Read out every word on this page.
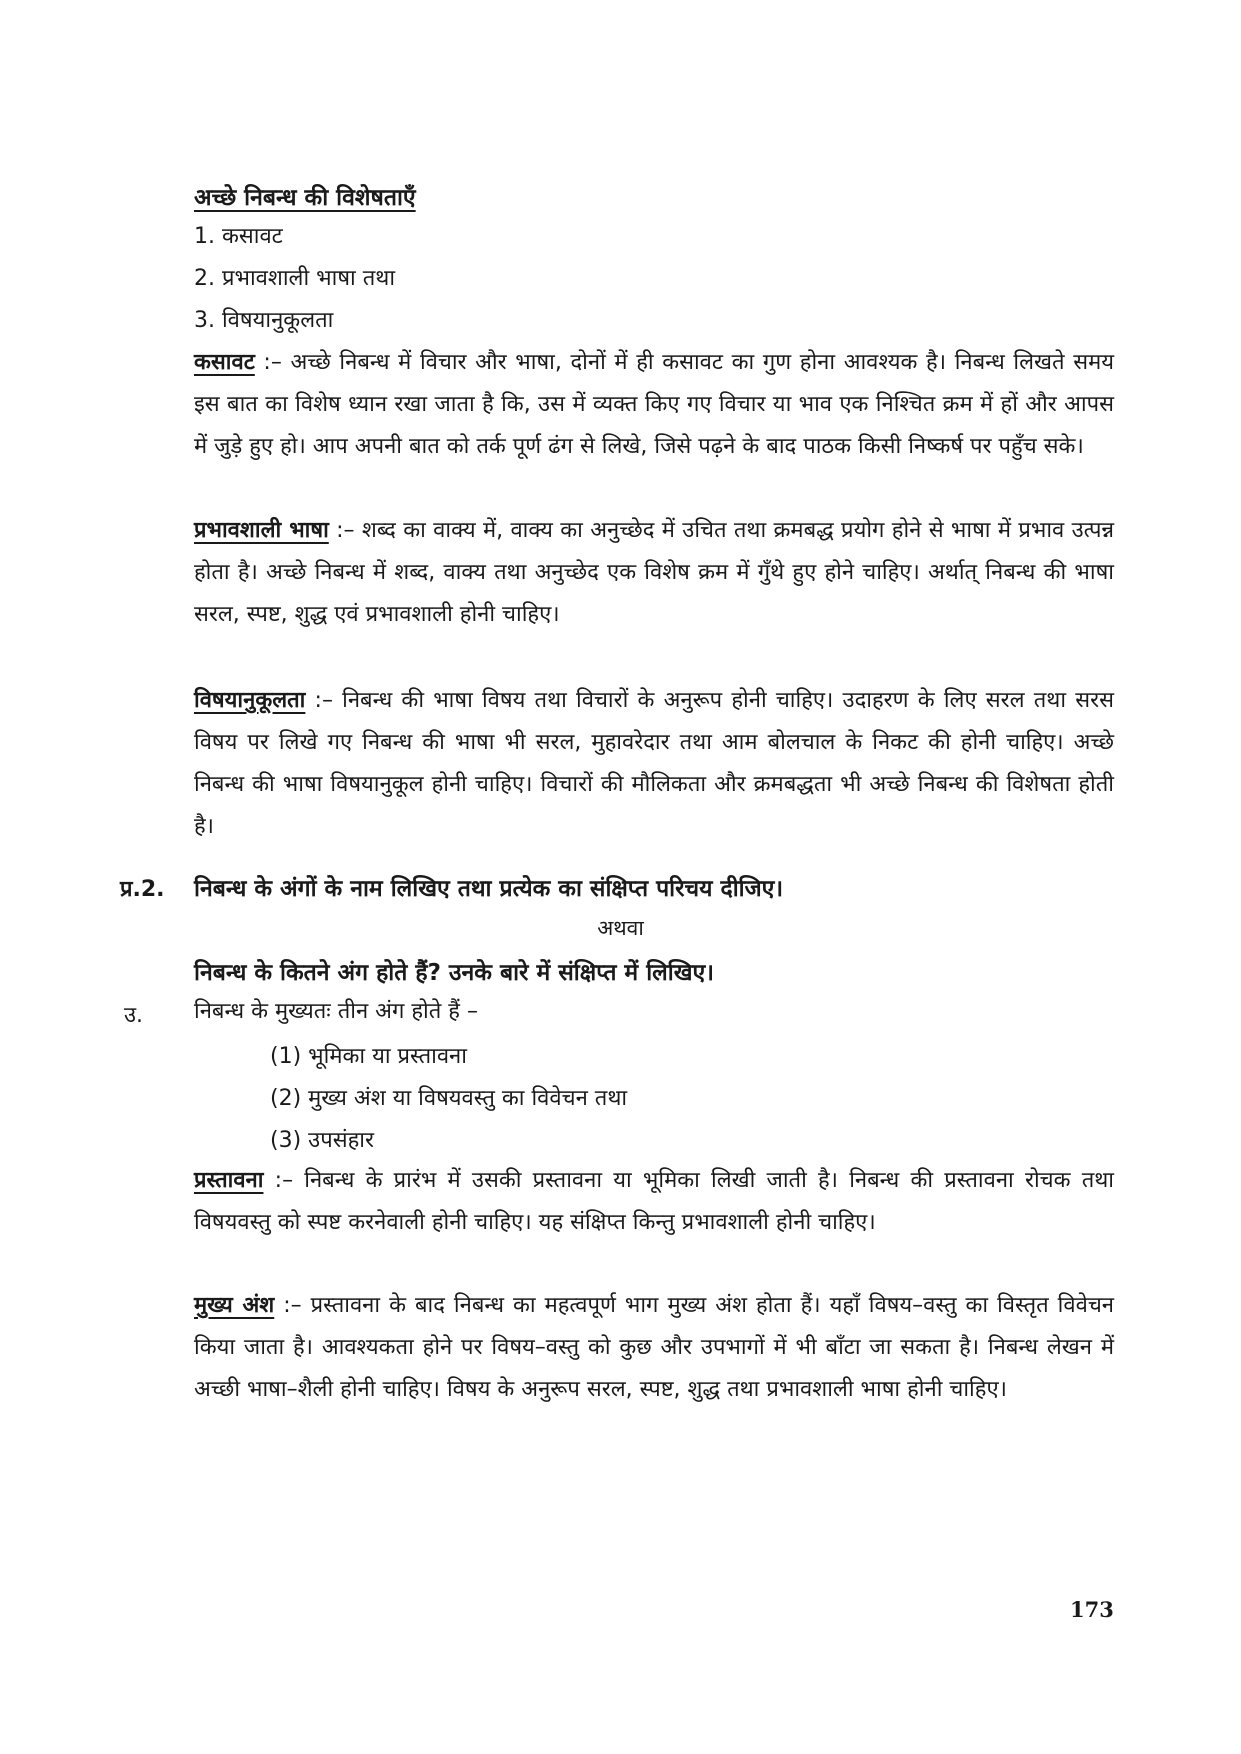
अच्छे निबन्ध की विशेषताएँ
1. कसावट
2. प्रभावशाली भाषा तथा
3. विषयानुकूलता
कसावट :– अच्छे निबन्ध में विचार और भाषा, दोनों में ही कसावट का गुण होना आवश्यक है। निबन्ध लिखते समय इस बात का विशेष ध्यान रखा जाता है कि, उस में व्यक्त किए गए विचार या भाव एक निश्चित क्रम में हों और आपस में जुड़े हुए हो। आप अपनी बात को तर्क पूर्ण ढंग से लिखे, जिसे पढ़ने के बाद पाठक किसी निष्कर्ष पर पहुँच सके।
प्रभावशाली भाषा :– शब्द का वाक्य में, वाक्य का अनुच्छेद में उचित तथा क्रमबद्ध प्रयोग होने से भाषा में प्रभाव उत्पन्न होता है। अच्छे निबन्ध में शब्द, वाक्य तथा अनुच्छेद एक विशेष क्रम में गुँथे हुए होने चाहिए। अर्थात् निबन्ध की भाषा सरल, स्पष्ट, शुद्ध एवं प्रभावशाली होनी चाहिए।
विषयानुकूलता :– निबन्ध की भाषा विषय तथा विचारों के अनुरूप होनी चाहिए। उदाहरण के लिए सरल तथा सरस विषय पर लिखे गए निबन्ध की भाषा भी सरल, मुहावरेदार तथा आम बोलचाल के निकट की होनी चाहिए। अच्छे निबन्ध की भाषा विषयानुकूल होनी चाहिए। विचारों की मौलिकता और क्रमबद्धता भी अच्छे निबन्ध की विशेषता होती है।
प्र.2. निबन्ध के अंगों के नाम लिखिए तथा प्रत्येक का संक्षिप्त परिचय दीजिए।
अथवा
निबन्ध के कितने अंग होते हैं? उनके बारे में संक्षिप्त में लिखिए।
उ. निबन्ध के मुख्यतः तीन अंग होते हैं –
(1) भूमिका या प्रस्तावना
(2) मुख्य अंश या विषयवस्तु का विवेचन तथा
(3) उपसंहार
प्रस्तावना :– निबन्ध के प्रारंभ में उसकी प्रस्तावना या भूमिका लिखी जाती है। निबन्ध की प्रस्तावना रोचक तथा विषयवस्तु को स्पष्ट करनेवाली होनी चाहिए। यह संक्षिप्त किन्तु प्रभावशाली होनी चाहिए।
मुख्य अंश :– प्रस्तावना के बाद निबन्ध का महत्वपूर्ण भाग मुख्य अंश होता हैं। यहाँ विषय–वस्तु का विस्तृत विवेचन किया जाता है। आवश्यकता होने पर विषय–वस्तु को कुछ और उपभागों में भी बाँटा जा सकता है। निबन्ध लेखन में अच्छी भाषा–शैली होनी चाहिए। विषय के अनुरूप सरल, स्पष्ट, शुद्ध तथा प्रभावशाली भाषा होनी चाहिए।
173
